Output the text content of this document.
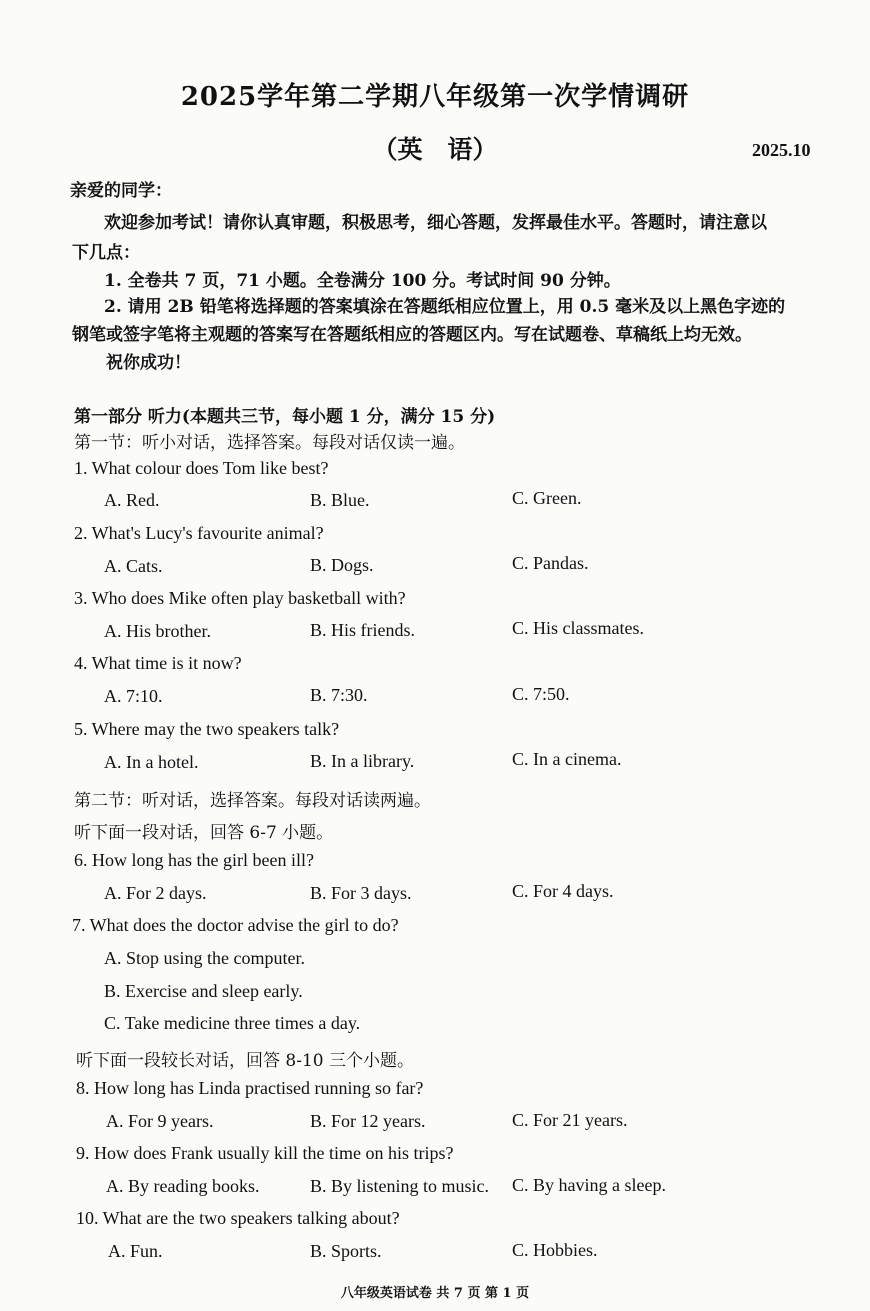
2025学年第二学期八年级第一次学情调研
（英　语）	2025.10
亲爱的同学：
欢迎参加考试！请你认真审题，积极思考，细心答题，发挥最佳水平。答题时，请注意以
下几点：
1. 全卷共 7 页，71 小题。全卷满分 100 分。考试时间 90 分钟。
2. 请用 2B 铅笔将选择题的答案填涂在答题纸相应位置上，用 0.5 毫米及以上黑色字迹的
钢笔或签字笔将主观题的答案写在答题纸相应的答题区内。写在试题卷、草稿纸上均无效。
祝你成功！
第一部分 听力(本题共三节，每小题 1 分，满分 15 分)
第一节：听小对话，选择答案。每段对话仅读一遍。
1. What colour does Tom like best?
A. Red.	B. Blue.	C. Green.
2. What's Lucy's favourite animal?
A. Cats.	B. Dogs.	C. Pandas.
3. Who does Mike often play basketball with?
A. His brother.	B. His friends.	C. His classmates.
4. What time is it now?
A. 7:10.	B. 7:30.	C. 7:50.
5. Where may the two speakers talk?
A. In a hotel.	B. In a library.	C. In a cinema.
第二节：听对话，选择答案。每段对话读两遍。
听下面一段对话，回答 6-7 小题。
6. How long has the girl been ill?
A. For 2 days.	B. For 3 days.	C. For 4 days.
7. What does the doctor advise the girl to do?
A. Stop using the computer.
B. Exercise and sleep early.
C. Take medicine three times a day.
听下面一段较长对话，回答 8-10 三个小题。
8. How long has Linda practised running so far?
A. For 9 years.	B. For 12 years.	C. For 21 years.
9. How does Frank usually kill the time on his trips?
A. By reading books.	B. By listening to music. C. By having a sleep.
10. What are the two speakers talking about?
A. Fun.	B. Sports.	C. Hobbies.
八年级英语试卷 共 7 页 第 1 页
